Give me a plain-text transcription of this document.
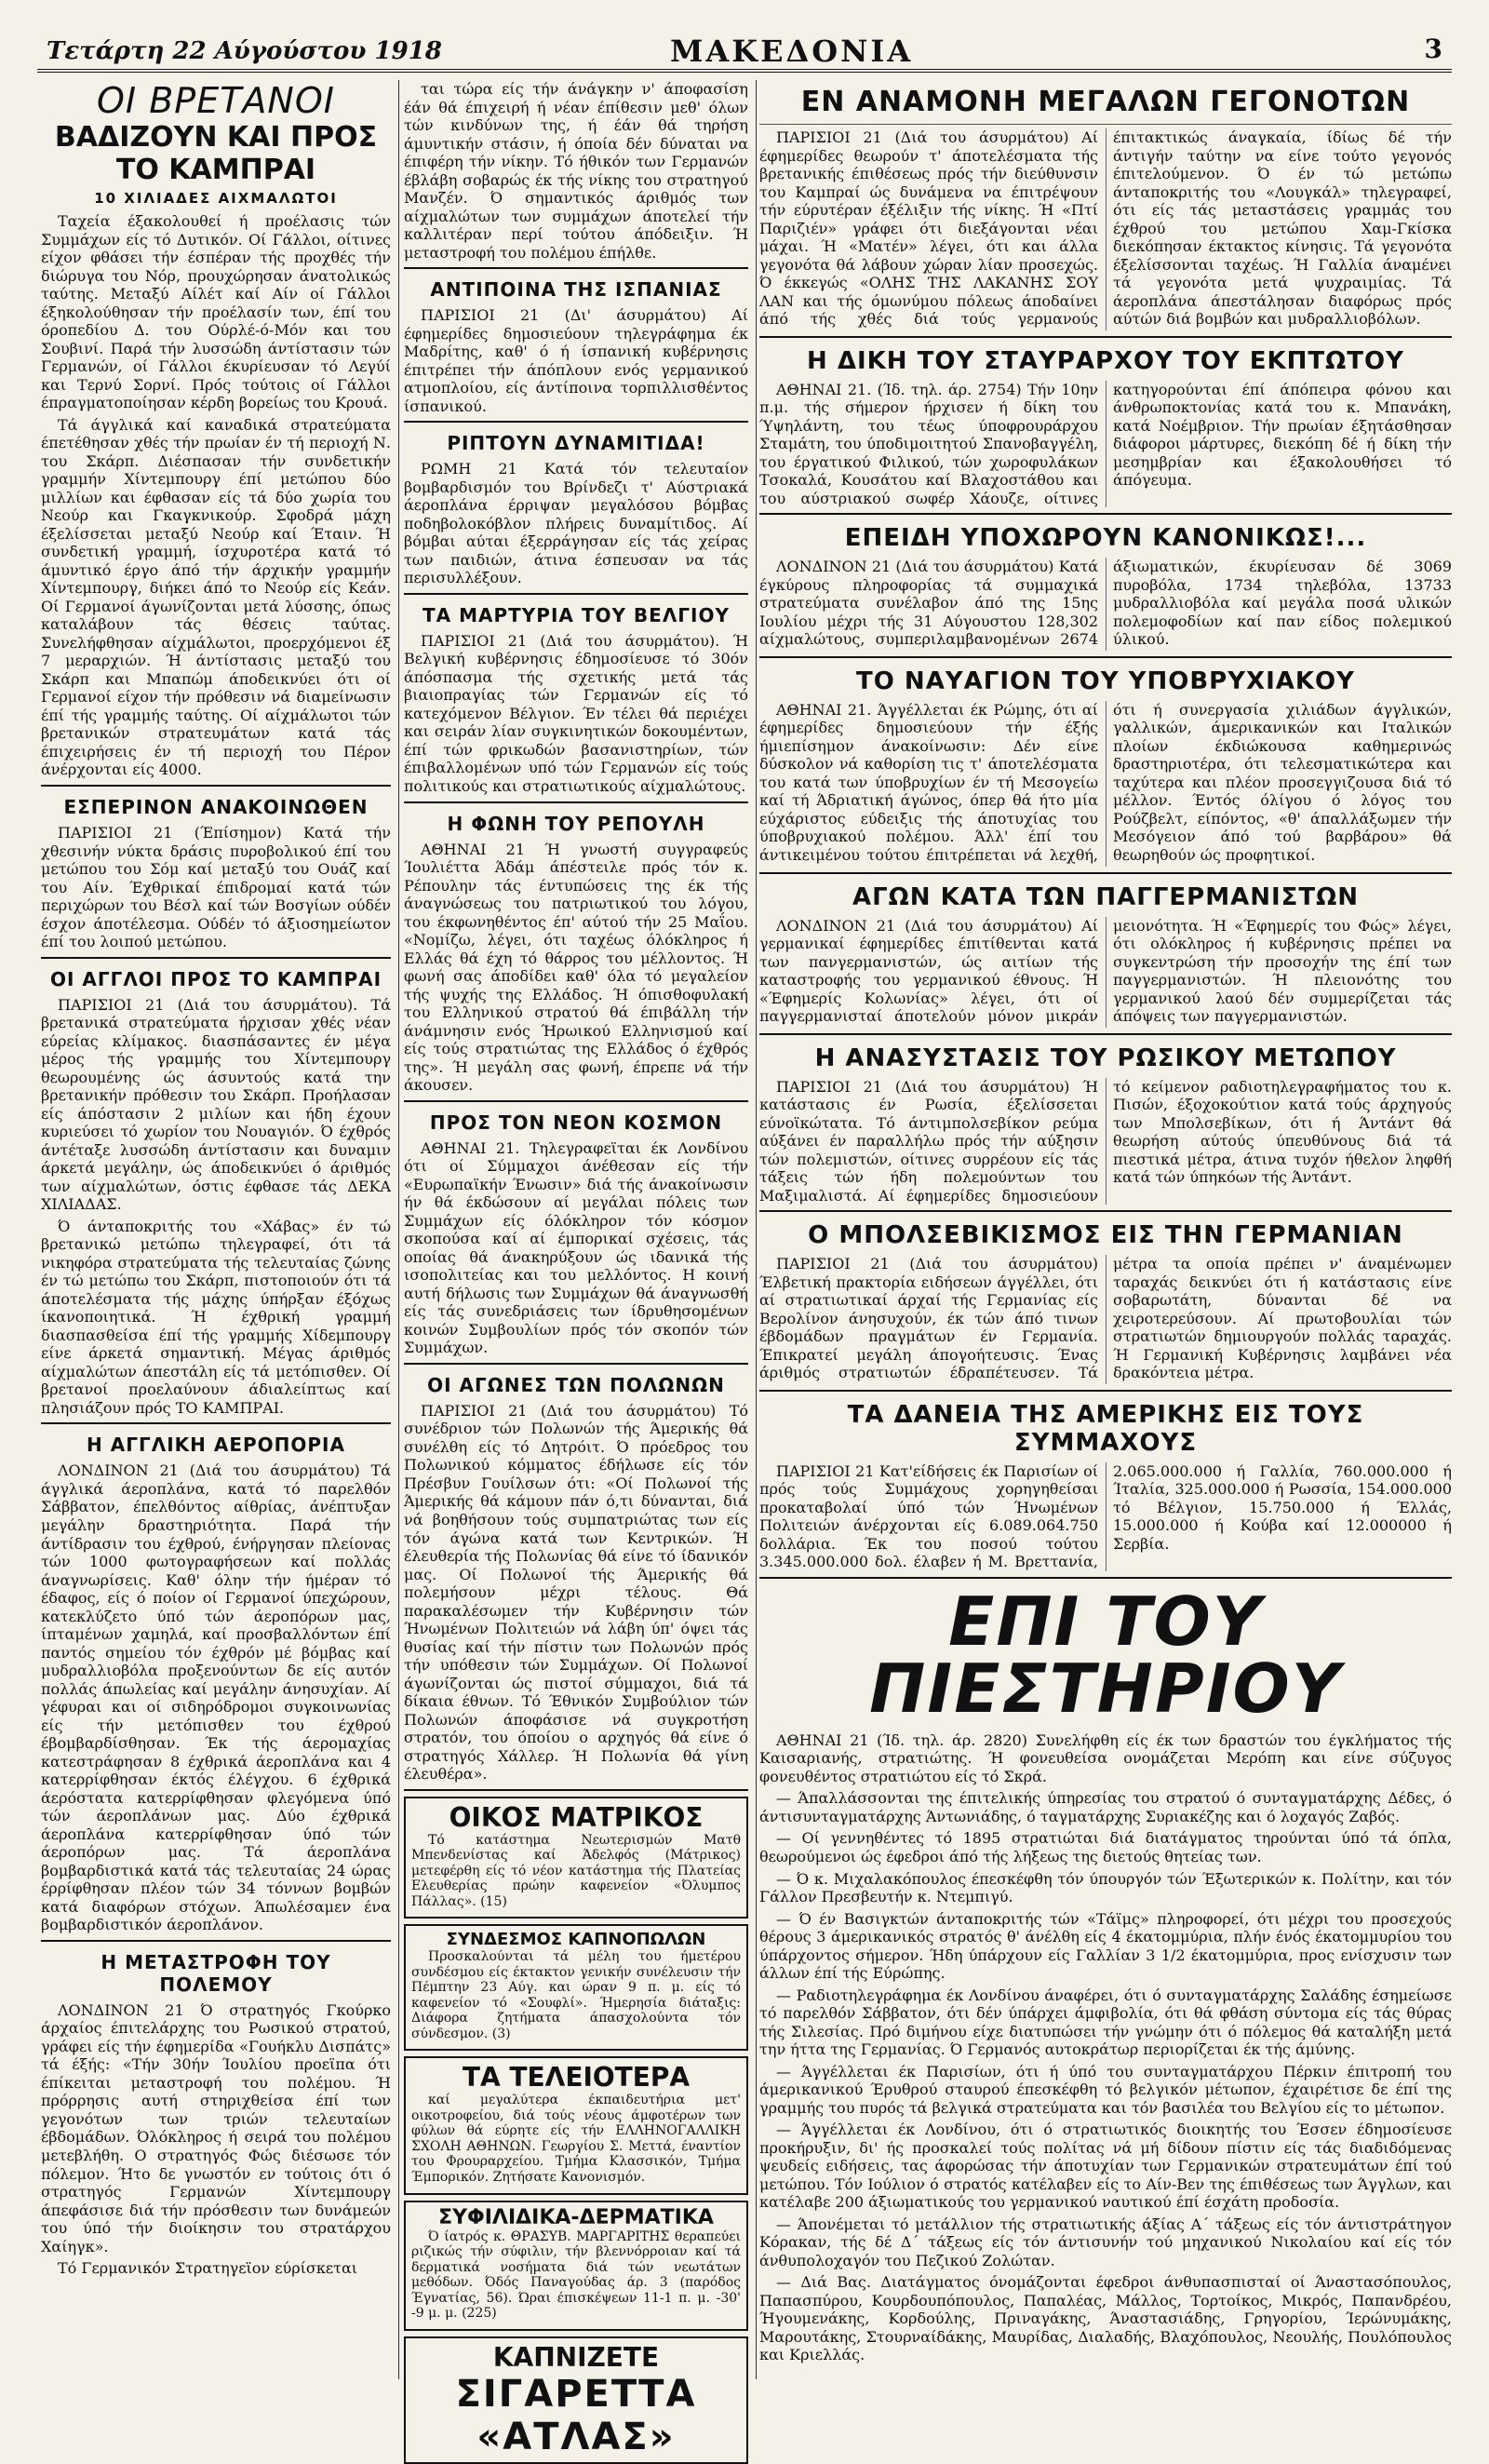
Τετάρτη 22 Αύγούστου 1918	ΜΑΚΕΔΟΝΙΑ	3
ΟΙ ΒΡΕΤΑΝΟΙ
ΒΑΔΙΖΟΥΝ ΚΑΙ ΠΡΟΣ ΤΟ ΚΑΜΠΡΑΙ
10 ΧΙΛΙΑΔΕΣ ΑΙΧΜΑΛΩΤΟΙ

Ταχεία έξακολουθεί ή προέλασις τών Συμμάχων είς τό Δυτικόν. Οί Γάλλοι, οίτινες είχον φθάσει τήν έσπέραν τής προχθές τήν διώρυγα του Νόρ, προυχώρησαν άνατολικώς ταύτης. Μεταξύ Αίλέτ καί Αίν οί Γάλλοι έξηκολούθησαν τήν προέλασίν των, έπί του όροπεδίου Δ. του Ούρλέ-ό-Μόν και του Σουβινί. Παρά τήν λυσσώδη άντίστασιν τών Γερμανών, οί Γάλλοι έκυρίευσαν τό Λεγύί και Τερνύ Σορνί. Πρός τούτοις οί Γάλλοι έπραγματοποίησαν κέρδη βορείως του Κρουά.

Τά άγγλικά καί καναδικά στρατεύματα έπετέθησαν χθές τήν πρωίαν έν τή περιοχή Ν. του Σκάρπ. Διέσπασαν τήν συνδετικήν γραμμήν Χίντεμπουργ έπί μετώπου δύο μιλλίων και έφθασαν είς τά δύο χωρία του Νεούρ και Γκαγκνικούρ. Σφοδρά μάχη έξελίσσεται μεταξύ Νεούρ καί Έταιν. Ή συνδετική γραμμή, ίσχυροτέρα κατά τό άμυντικό έργο άπό τήν άρχικήν γραμμήν Χίντεμπουργ, διήκει άπό το Νεούρ είς Κεάν. Οί Γερμανοί άγωνίζονται μετά λύσσης, όπως καταλάβουν τάς θέσεις ταύτας. Συνελήφθησαν αίχμάλωτοι, προερχόμενοι έξ 7 μεραρχιών. Ή άντίστασις μεταξύ του Σκάρπ και Μπαπώμ άποδεικνύει ότι οί Γερμανοί είχον τήν πρόθεσιν νά διαμείνωσιν έπί τής γραμμής ταύτης. Οί αίχμάλωτοι τών βρετανικών στρατευμάτων κατά τάς έπιχειρήσεις έν τή περιοχή του Πέρον άνέρχονται είς 4000.

ΕΣΠΕΡΙΝΟΝ ΑΝΑΚΟΙΝΩΘΕΝ

ΠΑΡΙΣΙΟΙ 21 (Έπίσημον) Κατά τήν χθεσινήν νύκτα δράσις πυροβολικού έπί του μετώπου του Σόμ καί μεταξύ του Ουάζ καί του Αίν. Έχθρικαί έπιδρομαί κατά τών περιχώρων του Βέσλ καί τών Βοσγίων ούδέν έσχον άποτέλεσμα. Ούδέν τό άξιοσημείωτον έπί του λοιπού μετώπου.

ΟΙ ΑΓΓΛΟΙ ΠΡΟΣ ΤΟ ΚΑΜΠΡΑΙ

ΠΑΡΙΣΙΟΙ 21 (Διά του άσυρμάτου). Τά βρετανικά στρατεύματα ήρχισαν χθές νέαν εύρείας κλίμακος. διασπάσαντες έν μέγα μέρος τής γραμμής του Χίντεμπουργ θεωρουμένης ώς άσυντούς κατά την βρετανικήν πρόθεσιν του Σκάρπ. Προήλασαν είς άπόστασιν 2 μιλίων και ήδη έχουν κυριεύσει τό χωρίον του Νουαγιόν. Ό έχθρός άντέταξε λυσσώδη άντίστασιν και δυναμιν άρκετά μεγάλην, ώς άποδεικνύει ό άριθμός των αίχμαλώτων, όστις έφθασε τάς ΔΕΚΑ ΧΙΛΙΑΔΑΣ.

Ό άνταποκριτής του «Χάβας» έν τώ βρετανικώ μετώπω τηλεγραφεί, ότι τά νικηφόρα στρατεύματα τής τελευταίας ζώνης έν τώ μετώπω του Σκάρπ, πιστοποιούν ότι τά άποτελέσματα τής μάχης ύπήρξαν έξόχως ίκανοποιητικά. Ή έχθρική γραμμή διασπασθείσα έπί τής γραμμής Χίδεμπουργ είνε άρκετά σημαντική. Μέγας άριθμός αίχμαλώτων άπεστάλη είς τά μετόπισθεν. Οί βρετανοί προελαύνουν άδιαλείπτως καί πλησιάζουν πρός ΤΟ ΚΑΜΠΡΑΙ.

Η ΑΓΓΛΙΚΗ ΑΕΡΟΠΟΡΙΑ

ΛΟΝΔΙΝΟΝ 21 (Διά του άσυρμάτου) Τά άγγλικά άεροπλάνα, κατά τό παρελθόν Σάββατον, έπελθόντος αίθρίας, άνέπτυξαν μεγάλην δραστηριότητα. Παρά τήν άντίδρασιν του έχθρού, ένήργησαν πλείονας τών 1000 φωτογραφήσεων καί πολλάς άναγνωρίσεις. Καθ' όλην τήν ήμέραν τό έδαφος, είς ό ποίον οί Γερμανοί ύπεχώρουν, κατεκλύζετο ύπό τών άεροπόρων μας, ίπταμένων χαμηλά, καί προσβαλλόντων έπί παντός σημείου τόν έχθρόν μέ βόμβας καί μυδραλλιοβόλα προξενούντων δε είς αυτόν πολλάς άπωλείας καί μεγάλην άνησυχίαν. Αί γέφυραι και οί σιδηρόδρομοι συγκοινωνίας είς τήν μετόπισθεν του έχθρού έβομβαρδίσθησαν. Έκ τής άερομαχίας κατεστράφησαν 8 έχθρικά άεροπλάνα και 4 κατερρίφθησαν έκτός έλέγχου. 6 έχθρικά άερόστατα κατερρίφθησαν φλεγόμενα ύπό τών άεροπλάνων μας. Δύο έχθρικά άεροπλάνα κατερρίφθησαν ύπό τών άεροπόρων μας. Τά άεροπλάνα βομβαρδιστικά κατά τάς τελευταίας 24 ώρας έρρίφθησαν πλέον τών 34 τόννων βομβών κατά διαφόρων στόχων. Άπωλέσαμεν ένα βομβαρδιστικόν άεροπλάνον.

Η ΜΕΤΑΣΤΡΟΦΗ ΤΟΥ ΠΟΛΕΜΟΥ

ΛΟΝΔΙΝΟΝ 21 Ό στρατηγός Γκούρκο άρχαίος έπιτελάρχης του Ρωσικού στρατού, γράφει είς τήν έφημερίδα «Γουήκλυ Δισπάτς» τά έξής: «Τήν 30ήν Ίουλίου προεϊπα ότι έπίκειται μεταστροφή του πολέμου. Ή πρόρρησις αυτή στηριχθείσα έπί των γεγονότων των τριών τελευταίων έβδομάδων. Όλόκληρος ή σειρά του πολέμου μετεβλήθη. Ο στρατηγός Φώς διέσωσε τόν πόλεμον. Ήτο δε γνωστόν εν τούτοις ότι ό στρατηγός Γερμανών Χίντεμπουργ άπεφάσισε διά τήν πρόσθεσιν των δυνάμεών του ύπό τήν διοίκησιν του στρατάρχου Χαίηγκ».

Τό Γερμανικόν Στρατηγεϊον εύρίσκεται

ται τώρα είς τήν άνάγκην ν' άποφασίση έάν θά έπιχειρή ή νέαν έπίθεσιν μεθ' όλων τών κινδύνων της, ή έάν θά τηρήση άμυντικήν στάσιν, ή όποία δέν δύναται να έπιφέρη τήν νίκην. Τό ήθικόν των Γερμανών έβλάβη σοβαρώς έκ τής νίκης του στρατηγού Μανζέν. Ό σημαντικός άριθμός των αίχμαλώτων των συμμάχων άποτελεί τήν καλλιτέραν περί τούτου άπόδειξιν. Ή μεταστροφή του πολέμου έπήλθε.

ΑΝΤΙΠΟΙΝΑ ΤΗΣ ΙΣΠΑΝΙΑΣ

ΠΑΡΙΣΙΟΙ 21 (Δι' άσυρμάτου) Αί έφημερίδες δημοσιεύουν τηλεγράφημα έκ Μαδρίτης, καθ' ό ή ίσπανική κυβέρνησις έπιτρέπει τήν άπόπλουν ενός γερμανικού ατμοπλοίου, είς άντίποινα τορπιλλισθέντος ίσπανικού.

ΡΙΠΤΟΥΝ ΔΥΝΑΜΙΤΙΔΑ!

ΡΩΜΗ 21 Κατά τόν τελευταίον βομβαρδισμόν του Βρίνδεζι τ' Αύστριακά άεροπλάνα έρριψαν μεγαλόσου βόμβας ποδηβολοκόβλον πλήρεις δυναμίτιδος. Αί βόμβαι αύται έξερράγησαν είς τάς χείρας των παιδιών, άτινα έσπευσαν να τάς περισυλλέξουν.

ΤΑ ΜΑΡΤΥΡΙΑ ΤΟΥ ΒΕΛΓΙΟΥ

ΠΑΡΙΣΙΟΙ 21 (Διά του άσυρμάτου). Ή Βελγική κυβέρνησις έδημοσίευσε τό 30όν άπόσπασμα τής σχετικής μετά τάς βιαιοπραγίας τών Γερμανών είς τό κατεχόμενον Βέλγιον. Έν τέλει θά περιέχει και σειράν λίαν συγκινητικών δοκουμέντων, έπί τών φρικωδών βασανιστηρίων, τών έπιβαλλομένων υπό τών Γερμανών είς τούς πολιτικούς και στρατιωτικούς αίχμαλώτους.

Η ΦΩΝΗ ΤΟΥ ΡΕΠΟΥΛΗ

ΑΘΗΝΑΙ 21 Ή γνωστή συγγραφεύς Ίουλιέττα Άδάμ άπέστειλε πρός τόν κ. Ρέπουλην τάς έντυπώσεις της έκ τής άναγνώσεως του πατριωτικού του λόγου, του έκφωνηθέντος έπ' αύτού τήν 25 Μαΐου. «Νομίζω, λέγει, ότι ταχέως όλόκληρος ή Ελλάς θά έχη τό θάρρος του μέλλοντος. Ή φωνή σας άποδίδει καθ' όλα τό μεγαλείον τής ψυχής της Ελλάδος. Ή όπισθοφυλακή του Ελληνικού στρατού θά έπιβάλλη τήν άνάμνησιν ενός Ήρωικού Ελληνισμού καί είς τούς στρατιώτας της Ελλάδος ό έχθρός της». Ή μεγάλη σας φωνή, έπρεπε νά τήν άκουσεν.

ΠΡΟΣ ΤΟΝ ΝΕΟΝ ΚΟΣΜΟΝ

ΑΘΗΝΑΙ 21. Τηλεγραφεϊται έκ Λονδίνου ότι οί Σύμμαχοι άνέθεσαν είς τήν «Ευρωπαϊκήν Ένωσιν» διά τής άνακοίνωσιν ήν θά έκδώσουν αί μεγάλαι πόλεις των Συμμάχων είς όλόκληρον τόν κόσμον σκοπούσα καί αί έμπορικαί σχέσεις, τάς οποίας θά άνακηρύξουν ώς ιδανικά τής ισοπολιτείας και του μελλόντος. Η κοινή αυτή δήλωσις των Συμμάχων θά άναγνωσθή είς τάς συνεδριάσεις των ίδρυθησομένων κοινών Συμβουλίων πρός τόν σκοπόν τών Συμμάχων.

ΟΙ ΑΓΩΝΕΣ ΤΩΝ ΠΟΛΩΝΩΝ

ΠΑΡΙΣΙΟΙ 21 (Διά του άσυρμάτου) Τό συνέδριον τών Πολωνών τής Άμερικής θά συνέλθη είς τό Δητρόιτ. Ό πρόεδρος του Πολωνικού κόμματος έδήλωσε είς τόν Πρέσβυν Γουίλσων ότι: «Οί Πολωνοί τής Άμερικής θά κάμουν πάν ό,τι δύνανται, διά νά βοηθήσουν τούς συμπατριώτας των είς τόν άγώνα κατά των Κεντρικών. Ή έλευθερία τής Πολωνίας θά είνε τό ίδανικόν μας. Οί Πολωνοί τής Άμερικής θά πολεμήσουν μέχρι τέλους. Θά παρακαλέσωμεν τήν Κυβέρνησιν τών Ήνωμένων Πολιτειών νά λάβη ύπ' όψει τάς θυσίας καί τήν πίστιν των Πολωνών πρός τήν υπόθεσιν τών Συμμάχων. Οί Πολωνοί άγωνίζονται ώς πιστοί σύμμαχοι, διά τά δίκαια έθνων. Τό Έθνικόν Συμβούλιον τών Πολωνών άποφάσισε νά συγκροτήση στρατόν, του όποίου ο αρχηγός θά είνε ό στρατηγός Χάλλερ. Ή Πολωνία θά γίνη έλευθέρα».

ΟΙΚΟΣ ΜΑΤΡΙΚΟΣ

Τό κατάστημα Νεωτερισμών Ματθ Μπενδενίστας καί Άδελφός (Μάτρικος) μετεφέρθη είς τό νέον κατάστημα τής Πλατείας Ελευθερίας πρώην καφενείον «Όλυμπος Πάλλας». (15)

ΣΥΝΔΕΣΜΟΣ ΚΑΠΝΟΠΩΛΩΝ

Προσκαλούνται τά μέλη του ήμετέρου συνδέσμου είς έκτακτον γενικήν συνέλευσιν τήν Πέμπτην 23 Αύγ. και ώραν 9 π. μ. είς τό καφενείον τό «Σουφλί». Ήμερησία διάταξις: Διάφορα ζητήματα άπασχολούντα τόν σύνδεσμον. (3)

ΤΑ ΤΕΛΕΙΟΤΕΡΑ

καί μεγαλύτερα έκπαιδευτήρια μετ' οικοτροφείου, διά τούς νέους άμφοτέρων των φύλων θά εύρητε είς τήν ΕΛΛΗΝΟΓΑΛΛΙΚΗ ΣΧΟΛΗ ΑΘΗΝΩΝ. Γεωργίου Σ. Μεττά, έναντίον του Φρουραρχείου. Τμήμα Κλασσικόν, Τμήμα Έμπορικόν. Ζητήσατε Κανονισμόν.

ΣΥΦΙΛΙΔΙΚΑ-ΔΕΡΜΑΤΙΚΑ

Ό ίατρός κ. ΘΡΑΣΥΒ. ΜΑΡΓΑΡΙΤΗΣ θεραπεύει ριζικώς τήν σύφιλιν, τήν βλεννόρροιαν καί τά δερματικά νοσήματα διά τών νεωτάτων μεθόδων. Όδός Παναγούδας άρ. 3 (παρόδος Έγνατίας, 56). Ώραι έπισκέψεων 11-1 π. μ. -30' -9 μ. μ. (225)

ΚΑΠΝΙΖΕΤΕ
ΣΙΓΑΡΕΤΤΑ «ΑΤΛΑΣ»
ΕΝ ΑΝΑΜΟΝΗ ΜΕΓΑΛΩΝ ΓΕΓΟΝΟΤΩΝ

ΠΑΡΙΣΙΟΙ 21 (Διά του άσυρμάτου) Αί έφημερίδες θεωρούν τ' άποτελέσματα τής βρετανικής έπιθέσεως πρός τήν διεύθυνσιν του Καμπραί ώς δυνάμενα να έπιτρέψουν τήν εύρυτέραν έξέλιξιν τής νίκης. Ή «Πτί Παριζιέν» γράφει ότι διεξάγονται νέαι μάχαι. Ή «Ματέν» λέγει, ότι και άλλα γεγονότα θά λάβουν χώραν λίαν προσεχώς. Ό έκκεγώς «ΟΛΗΣ ΤΗΣ ΛΑΚΑΝΗΣ ΣΟΥ ΛΑΝ και τής όμωνύμου πόλεως άποδαίνει άπό τής χθές διά τούς γερμανούς έπιτακτικώς άναγκαία, ίδίως δέ τήν άντιγήν ταύτην να είνε τούτο γεγονός έπιτελούμενον. Ό έν τώ μετώπω άνταποκριτής του «Λουγκάλ» τηλεγραφεί, ότι είς τάς μεταστάσεις γραμμάς του έχθρού του μετώπου Χαμ-Γκίσκα διεκόπησαν έκτακτος κίνησις. Τά γεγονότα έξελίσσονται ταχέως. Ή Γαλλία άναμένει τά γεγονότα μετά ψυχραιμίας. Τά άεροπλάνα άπεστάλησαν διαφόρως πρός αύτών διά βομβών και μυδραλλιοβόλων.

Η ΔΙΚΗ ΤΟΥ ΣΤΑΥΡΑΡΧΟΥ ΤΟΥ ΕΚΠΤΩΤΟΥ

ΑΘΗΝΑΙ 21. (Ίδ. τηλ. άρ. 2754) Τήν 10ην π.μ. τής σήμερον ήρχισεν ή δίκη του Ύψηλάντη, του τέως ύποφρουράρχου Σταμάτη, του ύποδιμοιτητού Σπανοβαγγέλη, του έργατικού Φιλικού, τών χωροφυλάκων Τσοκαλά, Κουσάτου καί Βλαχοστάθου και του αύστριακού σωφέρ Χάουζε, οίτινες κατηγορούνται έπί άπόπειρα φόνου και άνθρωποκτονίας κατά του κ. Μπανάκη, κατά Νοέμβριον. Τήν πρωίαν έξητάσθησαν διάφοροι μάρτυρες, διεκόπη δέ ή δίκη τήν μεσημβρίαν και έξακολουθήσει τό άπόγευμα.

ΕΠΕΙΔΗ ΥΠΟΧΩΡΟΥΝ ΚΑΝΟΝΙΚΩΣ!...

ΛΟΝΔΙΝΟΝ 21 (Διά του άσυρμάτου) Κατά έγκύρους πληροφορίας τά συμμαχικά στρατεύματα συνέλαβον άπό της 15ης Ιουλίου μέχρι τής 31 Αύγουστου 128,302 αίχμαλώτους, συμπεριλαμβανομένων 2674 άξιωματικών, έκυρίευσαν δέ 3069 πυροβόλα, 1734 τηλεβόλα, 13733 μυδραλλιοβόλα καί μεγάλα ποσά υλικών πολεμοφοδίων καί παν είδος πολεμικού ύλικού.

ΤΟ ΝΑΥΑΓΙΟΝ ΤΟΥ ΥΠΟΒΡΥΧΙΑΚΟΥ

ΑΘΗΝΑΙ 21. Άγγέλλεται έκ Ρώμης, ότι αί έφημερίδες δημοσιεύουν τήν έξής ήμιεπίσημον άνακοίνωσιν: Δέν είνε δύσκολον νά καθορίση τις τ' άποτελέσματα του κατά των ύποβρυχίων έν τή Μεσογείω καί τή Άδριατική άγώνος, όπερ θά ήτο μία εύχάριστος εύδειξις τής άποτυχίας του ύποβρυχιακού πολέμου. Άλλ' έπί του άντικειμένου τούτου έπιτρέπεται νά λεχθή, ότι ή συνεργασία χιλιάδων άγγλικών, γαλλικών, άμερικανικών και Ιταλικών πλοίων έκδιώκουσα καθημερινώς δραστηριοτέρα, ότι τελεσματικώτερα και ταχύτερα και πλέον προσεγγιζουσα διά τό μέλλον. Έντός όλίγου ό λόγος του Ρούζβελτ, είπόντος, «θ' άπαλλάξωμεν τήν Μεσόγειον άπό τού βαρβάρου» θά θεωρηθούν ώς προφητικοί.

ΑΓΩΝ ΚΑΤΑ ΤΩΝ ΠΑΓΓΕΡΜΑΝΙΣΤΩΝ

ΛΟΝΔΙΝΟΝ 21 (Διά του άσυρμάτου) Αί γερμανικαί έφημερίδες έπιτίθενται κατά των πανγερμανιστών, ώς αιτίων τής καταστροφής του γερμανικού έθνους. Ή «Έφημερίς Κολωνίας» λέγει, ότι οί παγγερμανισταί άποτελούν μόνον μικράν μειονότητα. Ή «Έφημερίς του Φώς» λέγει, ότι ολόκληρος ή κυβέρνησις πρέπει να συγκεντρώση τήν προσοχήν της έπί των παγγερμανιστών. Ή πλειονότης του γερμανικού λαού δέν συμμερίζεται τάς άπόψεις των παγγερμανιστών.

Η ΑΝΑΣΥΣΤΑΣΙΣ ΤΟΥ ΡΩΣΙΚΟΥ ΜΕΤΩΠΟΥ

ΠΑΡΙΣΙΟΙ 21 (Διά του άσυρμάτου) Ή κατάστασις έν Ρωσία, έξελίσσεται εύνοϊκώτατα. Τό άντιμπολσεβίκον ρεύμα αύξάνει έν παραλλήλω πρός τήν αύξησιν τών πολεμιστών, οίτινες συρρέουν είς τάς τάξεις τών ήδη πολεμούντων του Μαξιμαλιστά. Αί έφημερίδες δημοσιεύουν τό κείμενον ραδιοτηλεγραφήματος του κ. Πισών, έξοχοκούτιον κατά τούς άρχηγούς των Μπολσεβίκων, ότι ή Άντάντ θά θεωρήση αύτούς ύπευθύνους διά τά πιεστικά μέτρα, άτινα τυχόν ήθελον ληφθή κατά τών ύπηκόων τής Άντάντ.

Ο ΜΠΟΛΣΕΒΙΚΙΣΜΟΣ ΕΙΣ ΤΗΝ ΓΕΡΜΑΝΙΑΝ

ΠΑΡΙΣΙΟΙ 21 (Διά του άσυρμάτου) Έλβετική πρακτορία ειδήσεων άγγέλλει, ότι αί στρατιωτικαί άρχαί τής Γερμανίας είς Βερολίνον άνησυχούν, έκ τών άπό τινων έβδομάδων πραγμάτων έν Γερμανία. Έπικρατεί μεγάλη άπογοήτευσις. Ένας άριθμός στρατιωτών έδραπέτευσεν. Τά μέτρα τα οποία πρέπει ν' άναμένωμεν ταραχάς δεικνύει ότι ή κατάστασις είνε σοβαρωτάτη, δύνανται δέ να χειροτερεύσουν. Αί πρωτοβουλίαι τών στρατιωτών δημιουργούν πολλάς ταραχάς. Ή Γερμανική Κυβέρνησις λαμβάνει νέα δρακόντεια μέτρα.

ΤΑ ΔΑΝΕΙΑ ΤΗΣ ΑΜΕΡΙΚΗΣ ΕΙΣ ΤΟΥΣ ΣΥΜΜΑΧΟΥΣ

ΠΑΡΙΣΙΟΙ 21 Κατ'είδήσεις έκ Παρισίων οί πρός τούς Συμμάχους χορηγηθείσαι προκαταβολαί ύπό τών Ήνωμένων Πολιτειών άνέρχονται είς 6.089.064.750 δολλάρια. Έκ του ποσού τούτου 3.345.000.000 δολ. έλαβεν ή Μ. Βρεττανία, 2.065.000.000 ή Γαλλία, 760.000.000 ή Ίταλία, 325.000.000 ή Ρωσσία, 154.000.000 τό Βέλγιον, 15.750.000 ή Έλλάς, 15.000.000 ή Κούβα καί 12.000000 ή Σερβία.

ΕΠΙ ΤΟΥ ΠΙΕΣΤΗΡΙΟΥ

ΑΘΗΝΑΙ 21 (Ίδ. τηλ. άρ. 2820) Συνελήφθη είς έκ των δραστών του έγκλήματος τής Καισαριανής, στρατιώτης. Ή φονευθείσα ονομάζεται Μερόπη και είνε σύζυγος φονευθέντος στρατιώτου είς τό Σκρά.

— Άπαλλάσσονται της έπιτελικής ύπηρεσίας του στρατού ό συνταγματάρχης Δέδες, ό άντισυνταγματάρχης Άντωνιάδης, ό ταγματάρχης Συριακέζης και ό λοχαγός Ζαβός.

— Οί γεννηθέντες τό 1895 στρατιώται διά διατάγματος τηρούνται ύπό τά όπλα, θεωρούμενοι ώς έφεδροι άπό τής λήξεως της διετούς θητείας των.

— Ό κ. Μιχαλακόπουλος έπεσκέφθη τόν ύπουργόν τών Έξωτερικών κ. Πολίτην, και τόν Γάλλον Πρεσβευτήν κ. Ντεμπιγύ.

— Ό έν Βασιγκτών άνταποκριτής τών «Τάϊμς» πληροφορεί, ότι μέχρι του προσεχούς θέρους 3 άμερικανικός στρατός θ' άνέλθη είς 4 έκατομμύρια, πλήν ένός έκατομμυρίου του ύπάρχοντος σήμερον. Ήδη ύπάρχουν είς Γαλλίαν 3 1/2 έκατομμύρια, προς ενίσχυσιν των άλλων έπί τής Εύρώπης.

— Ραδιοτηλεγράφημα έκ Λονδίνου άναφέρει, ότι ό συνταγματάρχης Σαλάδης έσημείωσε τό παρελθόν Σάββατον, ότι δέν ύπάρχει άμφιβολία, ότι θά φθάση σύντομα είς τάς θύρας τής Σιλεσίας. Πρό διμήνου είχε διατυπώσει τήν γνώμην ότι ό πόλεμος θά καταλήξη μετά την ήττα της Γερμανίας. Ό Γερμανός αυτοκράτωρ περιορίζεται έκ τής άμύνης.

— Άγγέλλεται έκ Παρισίων, ότι ή ύπό του συνταγματάρχου Πέρκιν έπιτροπή του άμερικανικού Έρυθρού σταυρού έπεσκέφθη τό βελγικόν μέτωπον, έχαιρέτισε δε έπί της γραμμής του πυρός τά βελγικά στρατεύματα και τόν βασιλέα του Βελγίου είς το μέτωπον.

— Άγγέλλεται έκ Λονδίνου, ότι ό στρατιωτικός διοικητής του Έσσεν έδημοσίευσε προκήρυξιν, δι' ής προσκαλεί τούς πολίτας νά μή δίδουν πίστιν είς τάς διαδιδόμενας ψευδείς ειδήσεις, τας άφορώσας τήν άποτυχίαν των Γερμανικών στρατευμάτων έπί τού μετώπου. Τόν Ιούλιον ό στρατός κατέλαβεν είς το Αίν-Βεν της έπιθέσεως των Άγγλων, και κατέλαβε 200 άξιωματικούς του γερμανικού ναυτικού έπί έσχάτη προδοσία.

— Άπονέμεται τό μετάλλιον τής στρατιωτικής άξίας Α΄ τάξεως είς τόν άντιστράτηγον Κόρακαν, τής δέ Δ΄ τάξεως είς τόν άντισυνήν τού μηχανικού Νικολαίου καί είς τόν άνθυπολοχαγόν του Πεζικού Ζολώταν.

— Διά Βας. Διατάγματος όνομάζονται έφεδροι άνθυπασπισταί οί Άναστασόπουλος, Παπασπύρου, Κουρδουπόπουλος, Παπαλέας, Μάλλος, Τορτοίκος, Μικρός, Παπανδρέου, Ήγουμενάκης, Κορδούλης, Πριναγάκης, Άναστασιάδης, Γρηγορίου, Ίερώνυμάκης, Μαρουτάκης, Στουρναίδάκης, Μαυρίδας, Διαλαδής, Βλαχόπουλος, Νεουλής, Πουλόπουλος και Κριελλάς.
